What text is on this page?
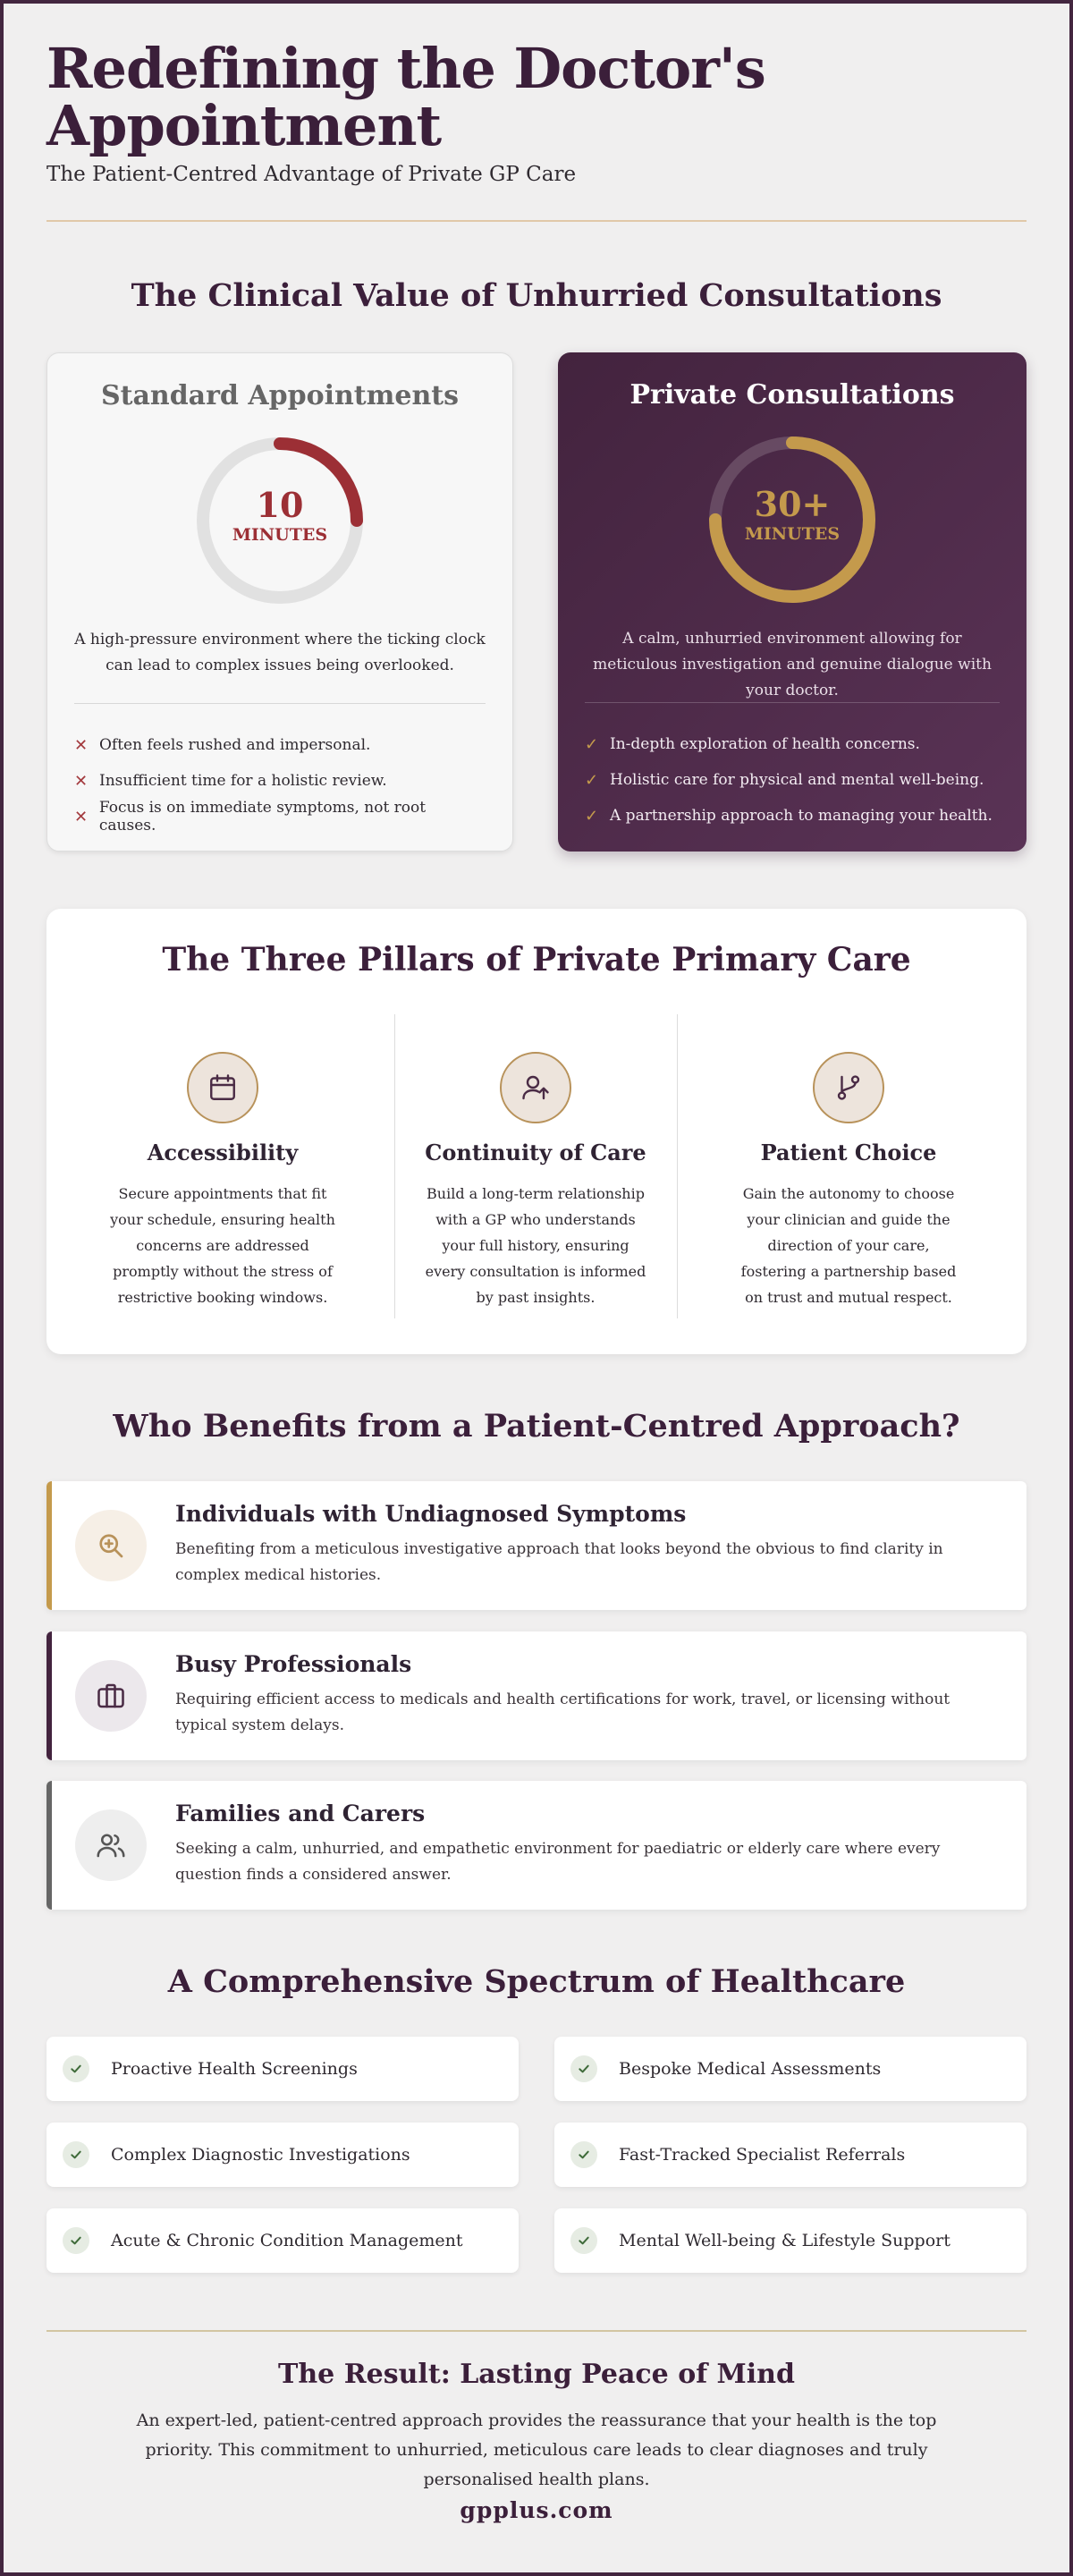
Redefining the Doctor's Appointment
The Patient-Centred Advantage of Private GP Care
The Clinical Value of Unhurried Consultations
Standard Appointments
10
MINUTES
A high-pressure environment where the ticking clock can lead to complex issues being overlooked.
✕ Often feels rushed and impersonal.
✕ Insufficient time for a holistic review.
✕ Focus is on immediate symptoms, not root causes.
Private Consultations
30+
MINUTES
A calm, unhurried environment allowing for meticulous investigation and genuine dialogue with your doctor.
✓ In-depth exploration of health concerns.
✓ Holistic care for physical and mental well-being.
✓ A partnership approach to managing your health.
The Three Pillars of Private Primary Care
Accessibility
Secure appointments that fit your schedule, ensuring health concerns are addressed promptly without the stress of restrictive booking windows.
Continuity of Care
Build a long-term relationship with a GP who understands your full history, ensuring every consultation is informed by past insights.
Patient Choice
Gain the autonomy to choose your clinician and guide the direction of your care, fostering a partnership based on trust and mutual respect.
Who Benefits from a Patient-Centred Approach?
Individuals with Undiagnosed Symptoms
Benefiting from a meticulous investigative approach that looks beyond the obvious to find clarity in complex medical histories.
Busy Professionals
Requiring efficient access to medicals and health certifications for work, travel, or licensing without typical system delays.
Families and Carers
Seeking a calm, unhurried, and empathetic environment for paediatric or elderly care where every question finds a considered answer.
A Comprehensive Spectrum of Healthcare
Proactive Health Screenings	Bespoke Medical Assessments
Complex Diagnostic Investigations	Fast-Tracked Specialist Referrals
Acute & Chronic Condition Management	Mental Well-being & Lifestyle Support
The Result: Lasting Peace of Mind

An expert-led, patient-centred approach provides the reassurance that your health is the top priority. This commitment to unhurried, meticulous care leads to clear diagnoses and truly personalised health plans.

gpplus.com
